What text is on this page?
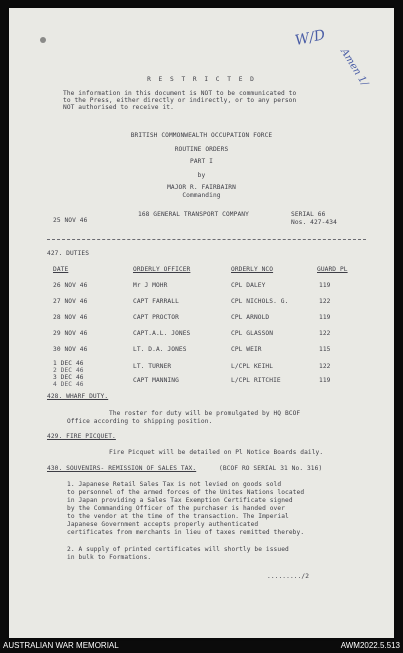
W/D
Amen 1/
R E S T R I C T E D
The information in this document is NOT to be communicated to
to the Press, either directly or indirectly, or to any person
NOT authorised to receive it.
BRITISH COMMONWEALTH OCCUPATION FORCE
ROUTINE ORDERS
PART I
by
MAJOR R. FAIRBAIRN
Commanding
25 NOV 46
168 GENERAL TRANSPORT COMPANY	SERIAL 66
Nos. 427-434
427. DUTIES
DATE	ORDERLY OFFICER	ORDERLY NCO	GUARD PL
26 NOV 46	Mr J MOHR	CPL DALEY	119
27 NOV 46	CAPT FARRALL	CPL NICHOLS. G.	122
28 NOV 46	CAPT PROCTOR	CPL ARNOLD	119
29 NOV 46	CAPT.A.L. JONES	CPL GLASSON	122
30 NOV 46	LT. D.A. JONES	CPL WEIR	115
1 DEC 46
2 DEC 46
LT. TURNER	L/CPL KEIHL	122
3 DEC 46
4 DEC 46
CAPT MANNING	L/CPL RITCHIE	119
428. WHARF DUTY.
The roster for duty will be promulgated by HQ BCOF
Office according to shipping position.
429. FIRE PICQUET.
Fire Picquet will be detailed on Pl Notice Boards daily.
430. SOUVENIRS- REMISSION OF SALES TAX.	(BCOF RO SERIAL 31 No. 316)
1. Japanese Retail Sales Tax is not levied on goods sold
to personnel of the armed forces of the Unites Nations located
in Japan providing a Sales Tax Exemption Certificate signed
by the Commanding Officer of the purchaser is handed over
to the vendor at the time of the transaction. The Imperial
Japanese Government accepts properly authenticated
certificates from merchants in lieu of taxes remitted thereby.
2. A supply of printed certificates will shortly be issued
in bulk to Formations.
........./2
AUSTRALIAN WAR MEMORIAL	AWM2022.5.513
